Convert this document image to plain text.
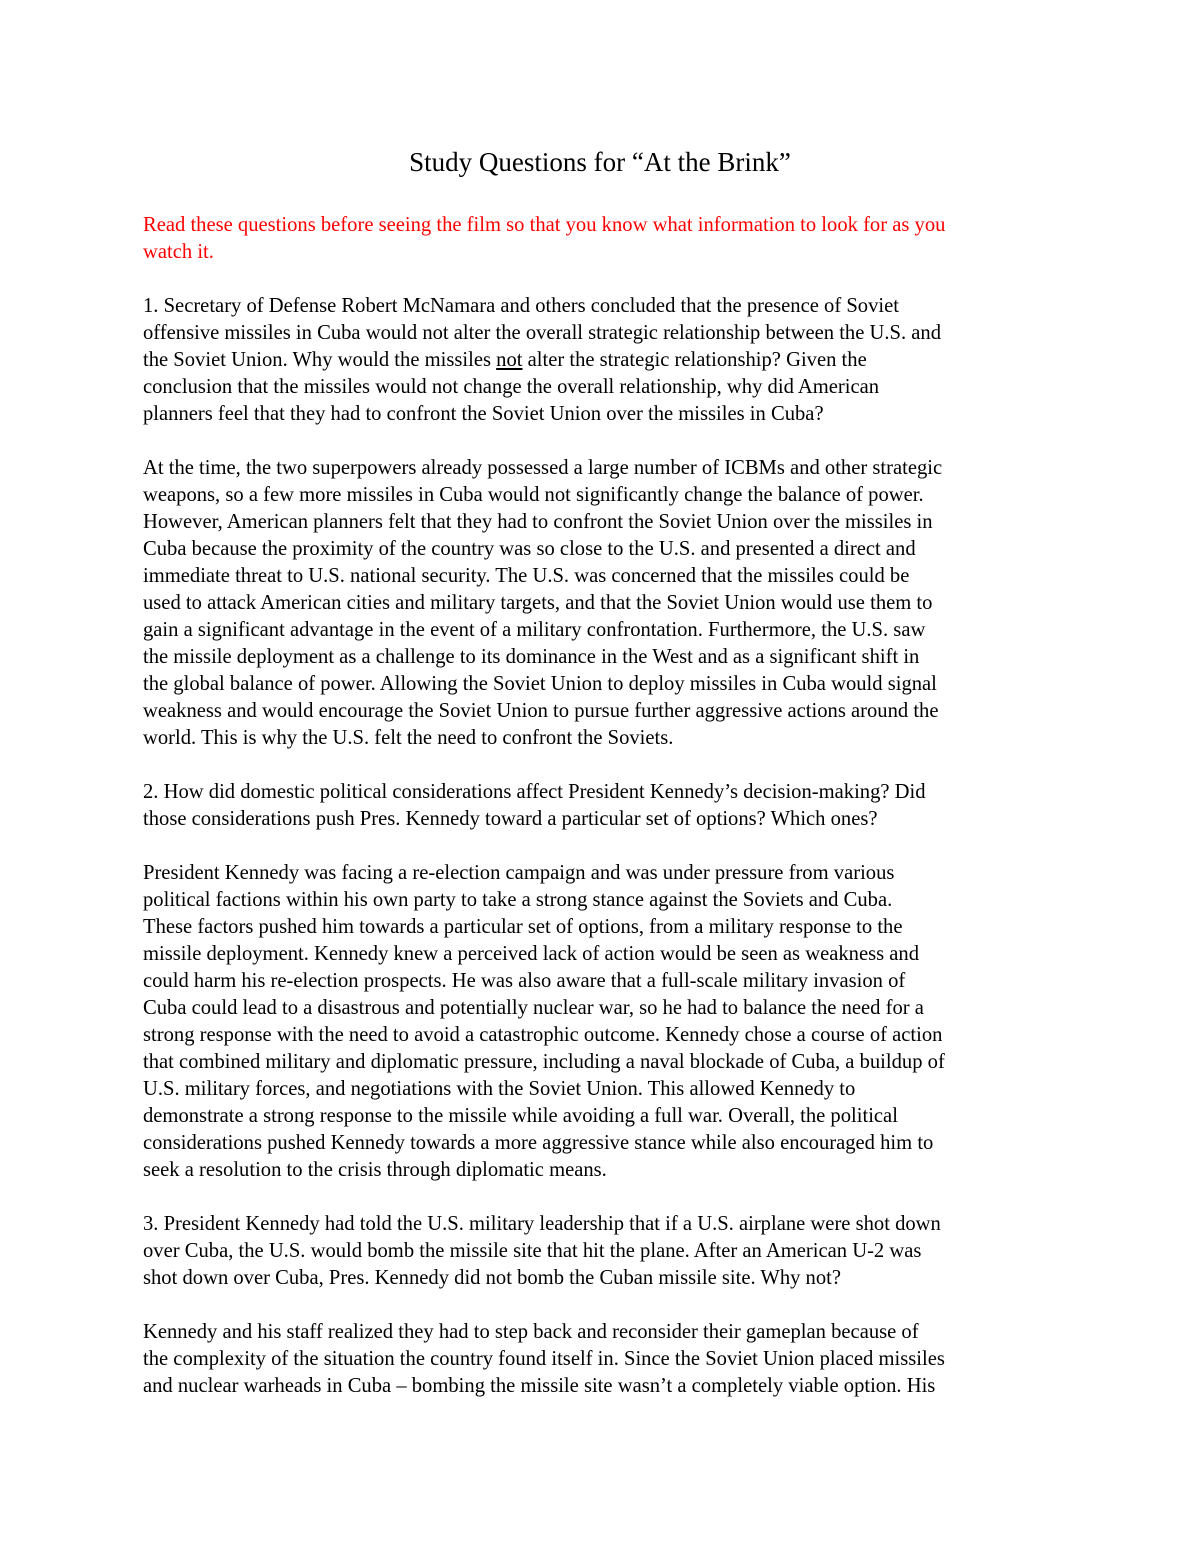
Study Questions for “At the Brink”

Read these questions before seeing the film so that you know what information to look for as you
watch it.

1. Secretary of Defense Robert McNamara and others concluded that the presence of Soviet
offensive missiles in Cuba would not alter the overall strategic relationship between the U.S. and
the Soviet Union. Why would the missiles not alter the strategic relationship? Given the
conclusion that the missiles would not change the overall relationship, why did American
planners feel that they had to confront the Soviet Union over the missiles in Cuba?

At the time, the two superpowers already possessed a large number of ICBMs and other strategic
weapons, so a few more missiles in Cuba would not significantly change the balance of power.
However, American planners felt that they had to confront the Soviet Union over the missiles in
Cuba because the proximity of the country was so close to the U.S. and presented a direct and
immediate threat to U.S. national security. The U.S. was concerned that the missiles could be
used to attack American cities and military targets, and that the Soviet Union would use them to
gain a significant advantage in the event of a military confrontation. Furthermore, the U.S. saw
the missile deployment as a challenge to its dominance in the West and as a significant shift in
the global balance of power. Allowing the Soviet Union to deploy missiles in Cuba would signal
weakness and would encourage the Soviet Union to pursue further aggressive actions around the
world. This is why the U.S. felt the need to confront the Soviets.

2. How did domestic political considerations affect President Kennedy’s decision-making? Did
those considerations push Pres. Kennedy toward a particular set of options? Which ones?

President Kennedy was facing a re-election campaign and was under pressure from various
political factions within his own party to take a strong stance against the Soviets and Cuba.
These factors pushed him towards a particular set of options, from a military response to the
missile deployment. Kennedy knew a perceived lack of action would be seen as weakness and
could harm his re-election prospects. He was also aware that a full-scale military invasion of
Cuba could lead to a disastrous and potentially nuclear war, so he had to balance the need for a
strong response with the need to avoid a catastrophic outcome. Kennedy chose a course of action
that combined military and diplomatic pressure, including a naval blockade of Cuba, a buildup of
U.S. military forces, and negotiations with the Soviet Union. This allowed Kennedy to
demonstrate a strong response to the missile while avoiding a full war. Overall, the political
considerations pushed Kennedy towards a more aggressive stance while also encouraged him to
seek a resolution to the crisis through diplomatic means.

3. President Kennedy had told the U.S. military leadership that if a U.S. airplane were shot down
over Cuba, the U.S. would bomb the missile site that hit the plane. After an American U-2 was
shot down over Cuba, Pres. Kennedy did not bomb the Cuban missile site. Why not?

Kennedy and his staff realized they had to step back and reconsider their gameplan because of
the complexity of the situation the country found itself in. Since the Soviet Union placed missiles
and nuclear warheads in Cuba – bombing the missile site wasn’t a completely viable option. His
